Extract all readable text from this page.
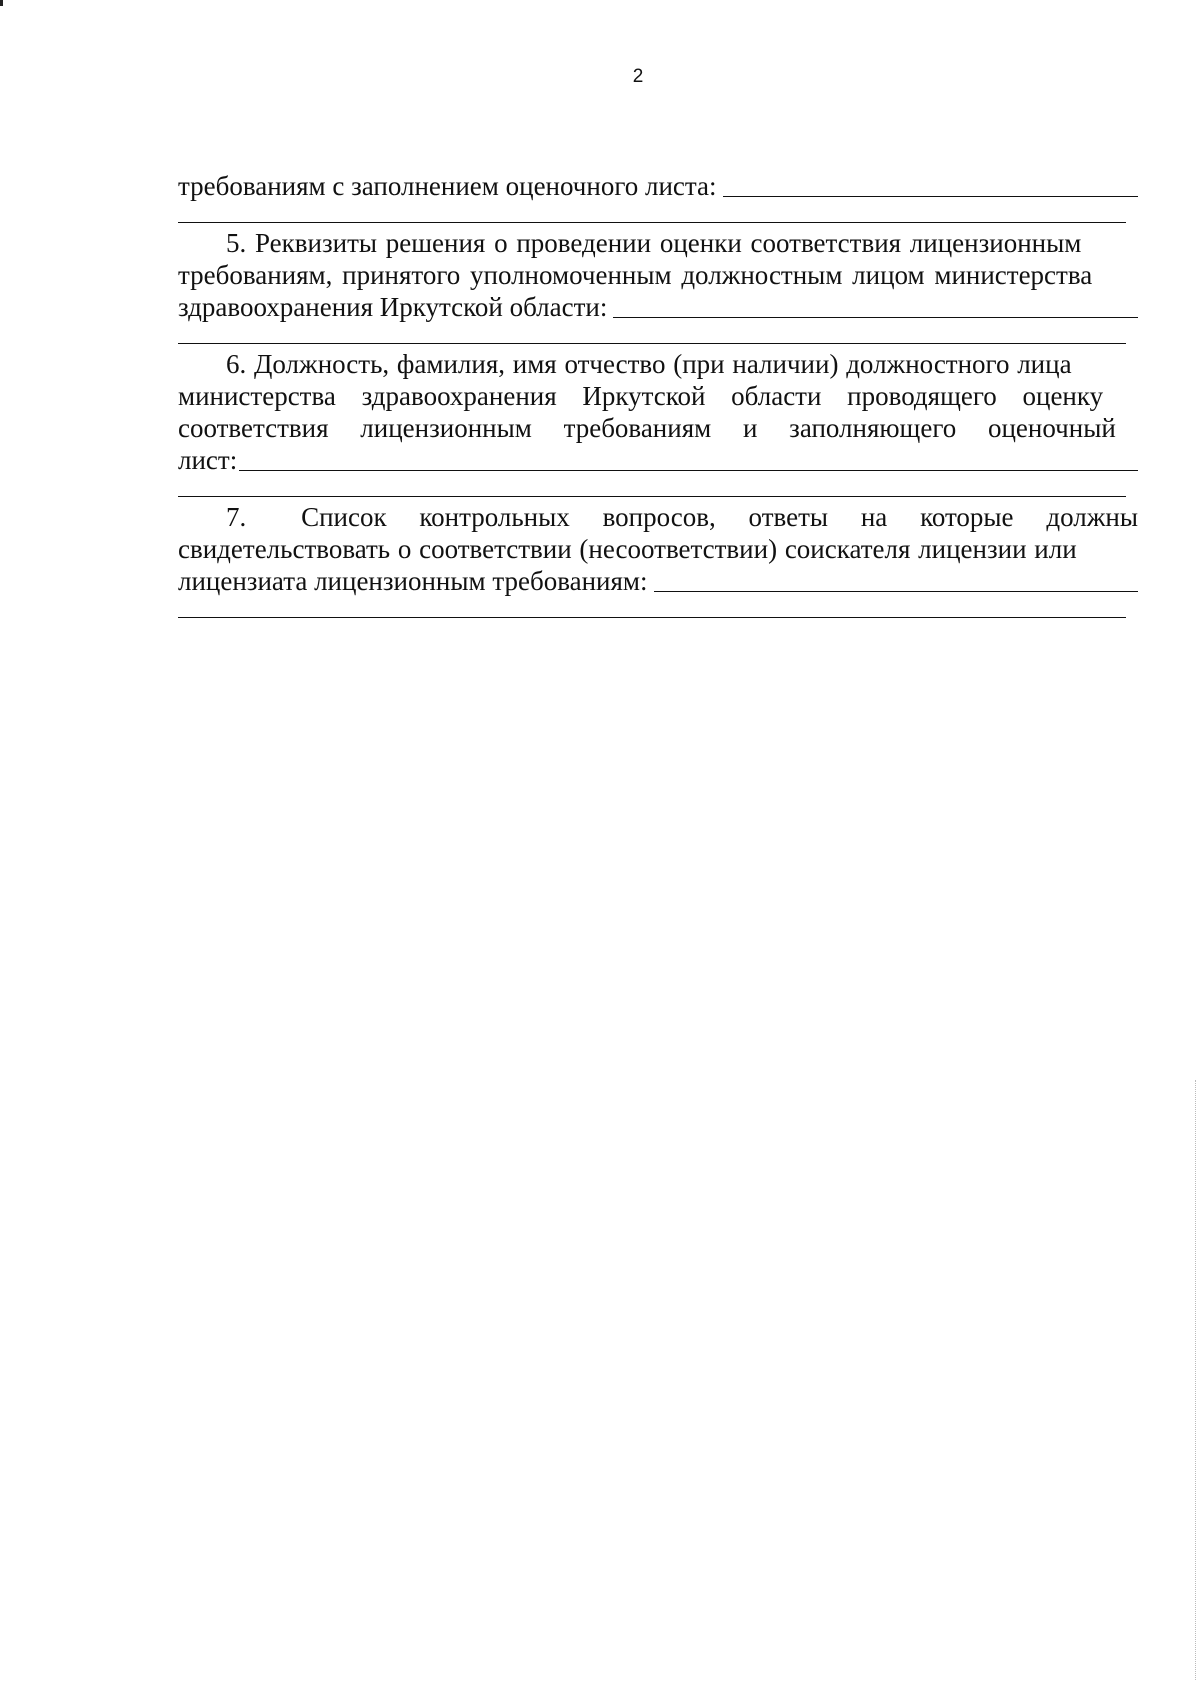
2
требованиям с заполнением оценочного листа:
5. Реквизиты решения о проведении оценки соответствия лицензионным
требованиям, принятого уполномоченным должностным лицом министерства
здравоохранения Иркутской области:
6. Должность, фамилия, имя отчество (при наличии) должностного лица
министерства здравоохранения Иркутской области проводящего оценку
соответствия лицензионным требованиям и заполняющего оценочный
лист:
7. Список контрольных вопросов, ответы на которые должны
свидетельствовать о соответствии (несоответствии) соискателя лицензии или
лицензиата лицензионным требованиям:
